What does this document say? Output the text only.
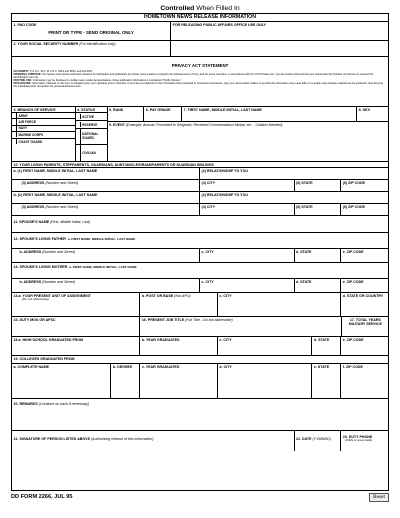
Controlled When Filled In
HOMETOWN NEWS RELEASE INFORMATION
1. PAO CODE
PRINT OR TYPE - SEND ORIGINAL ONLY
FOR RELEASING PUBLIC AFFAIRS OFFICE USE ONLY
2. YOUR SOCIAL SECURITY NUMBER (For identification only)
PRIVACY ACT STATEMENT
AUTHORITY: 5 U.S.C. 301; 10 U.S.C. 5013 and 8034; and EO 9397.
PRINCIPAL PURPOSE: To prepare news stories and news releases for distribution and publication by civilian news media to recognize the achievements of Army and Air Force members, in accordance with the 1974 Privacy Act, you are hereby informed that your Social Security Number on this form is required for identification use only.
ROUTINE USE: Information may be disclosed to civilian news media representatives. Close publication information is considered "Public Opinion."
DISCLOSURE: Information collected on this form is released upon your signature and is voluntary. If you have no objection to the information being released to hometown businesses, sign your name below. Failure to provide the information may mean little or no public news release material can be produced, thus denying the individual public recognition for personal achievements.
3. BRANCH OF SERVICE
ARMY
AIR FORCE
NAVY
MARINE CORPS
COAST GUARD
4. STATUS
ACTIVE
RESERVE
NATIONAL GUARD
CIVILIAN
5. RANK	6. PAY GRADE	7. FIRST NAME, MIDDLE INITIAL, LAST NAME	8. SEX
9. EVENT (Example: Annual; Promoted to Sergeant; Received Commendation Medal, etc. - Citation Needed)
10. YOUR LIVING PARENTS, STEPPARENTS, GUARDIANS, AUNT/UNCLE/GRANDPARENTS OR GUARDIAN SIBLINGS
a. (1) FIRST NAME, MIDDLE INITIAL, LAST NAME	(2) RELATIONSHIP TO YOU
(3) ADDRESS (Number and Street)	(4) CITY	(5) STATE	(6) ZIP CODE
b. (1) FIRST NAME, MIDDLE INITIAL, LAST NAME	(2) RELATIONSHIP TO YOU
(3) ADDRESS (Number and Street)	(4) CITY	(5) STATE	(6) ZIP CODE
11. SPOUSE'S NAME (First, Middle Initial, Last)
12. SPOUSE'S LIVING FATHER a. FIRST NAME, MIDDLE INITIAL, LAST NAME
b. ADDRESS (Number and Street)	c. CITY	d. STATE	e. ZIP CODE
13. SPOUSE'S LIVING MOTHER a. FIRST NAME, MIDDLE INITIAL, LAST NAME
b. ADDRESS (Number and Street)	c. CITY	d. STATE	e. ZIP CODE
14.a. YOUR PRESENT UNIT OF ASSIGNMENT
(Do not abbreviate)
b. POST OR BASE (Not APO)	c. CITY	d. STATE OR COUNTRY
15. DUTY MOS OR AFSC	16. PRESENT JOB TITLE (Full Title - Do not abbreviate)	17. TOTAL YEARS MILITARY SERVICE
18.a. HIGH SCHOOL GRADUATED FROM	b. YEAR GRADUATED	c. CITY	d. STATE	e. ZIP CODE
19. COLLEGES GRADUATED FROM
a. COMPLETE NAME	b. DEGREE	c. YEAR GRADUATED	d. CITY	e. STATE	f. ZIP CODE
20. REMARKS (Continue on back if necessary)
21. SIGNATURE OF PERSON LISTED ABOVE (Authorizing release of this information)	22. DATE (YYMMDD)	23. DUTY PHONE
(DSN or area code)
DD FORM 2266, JUL 95	Reset
